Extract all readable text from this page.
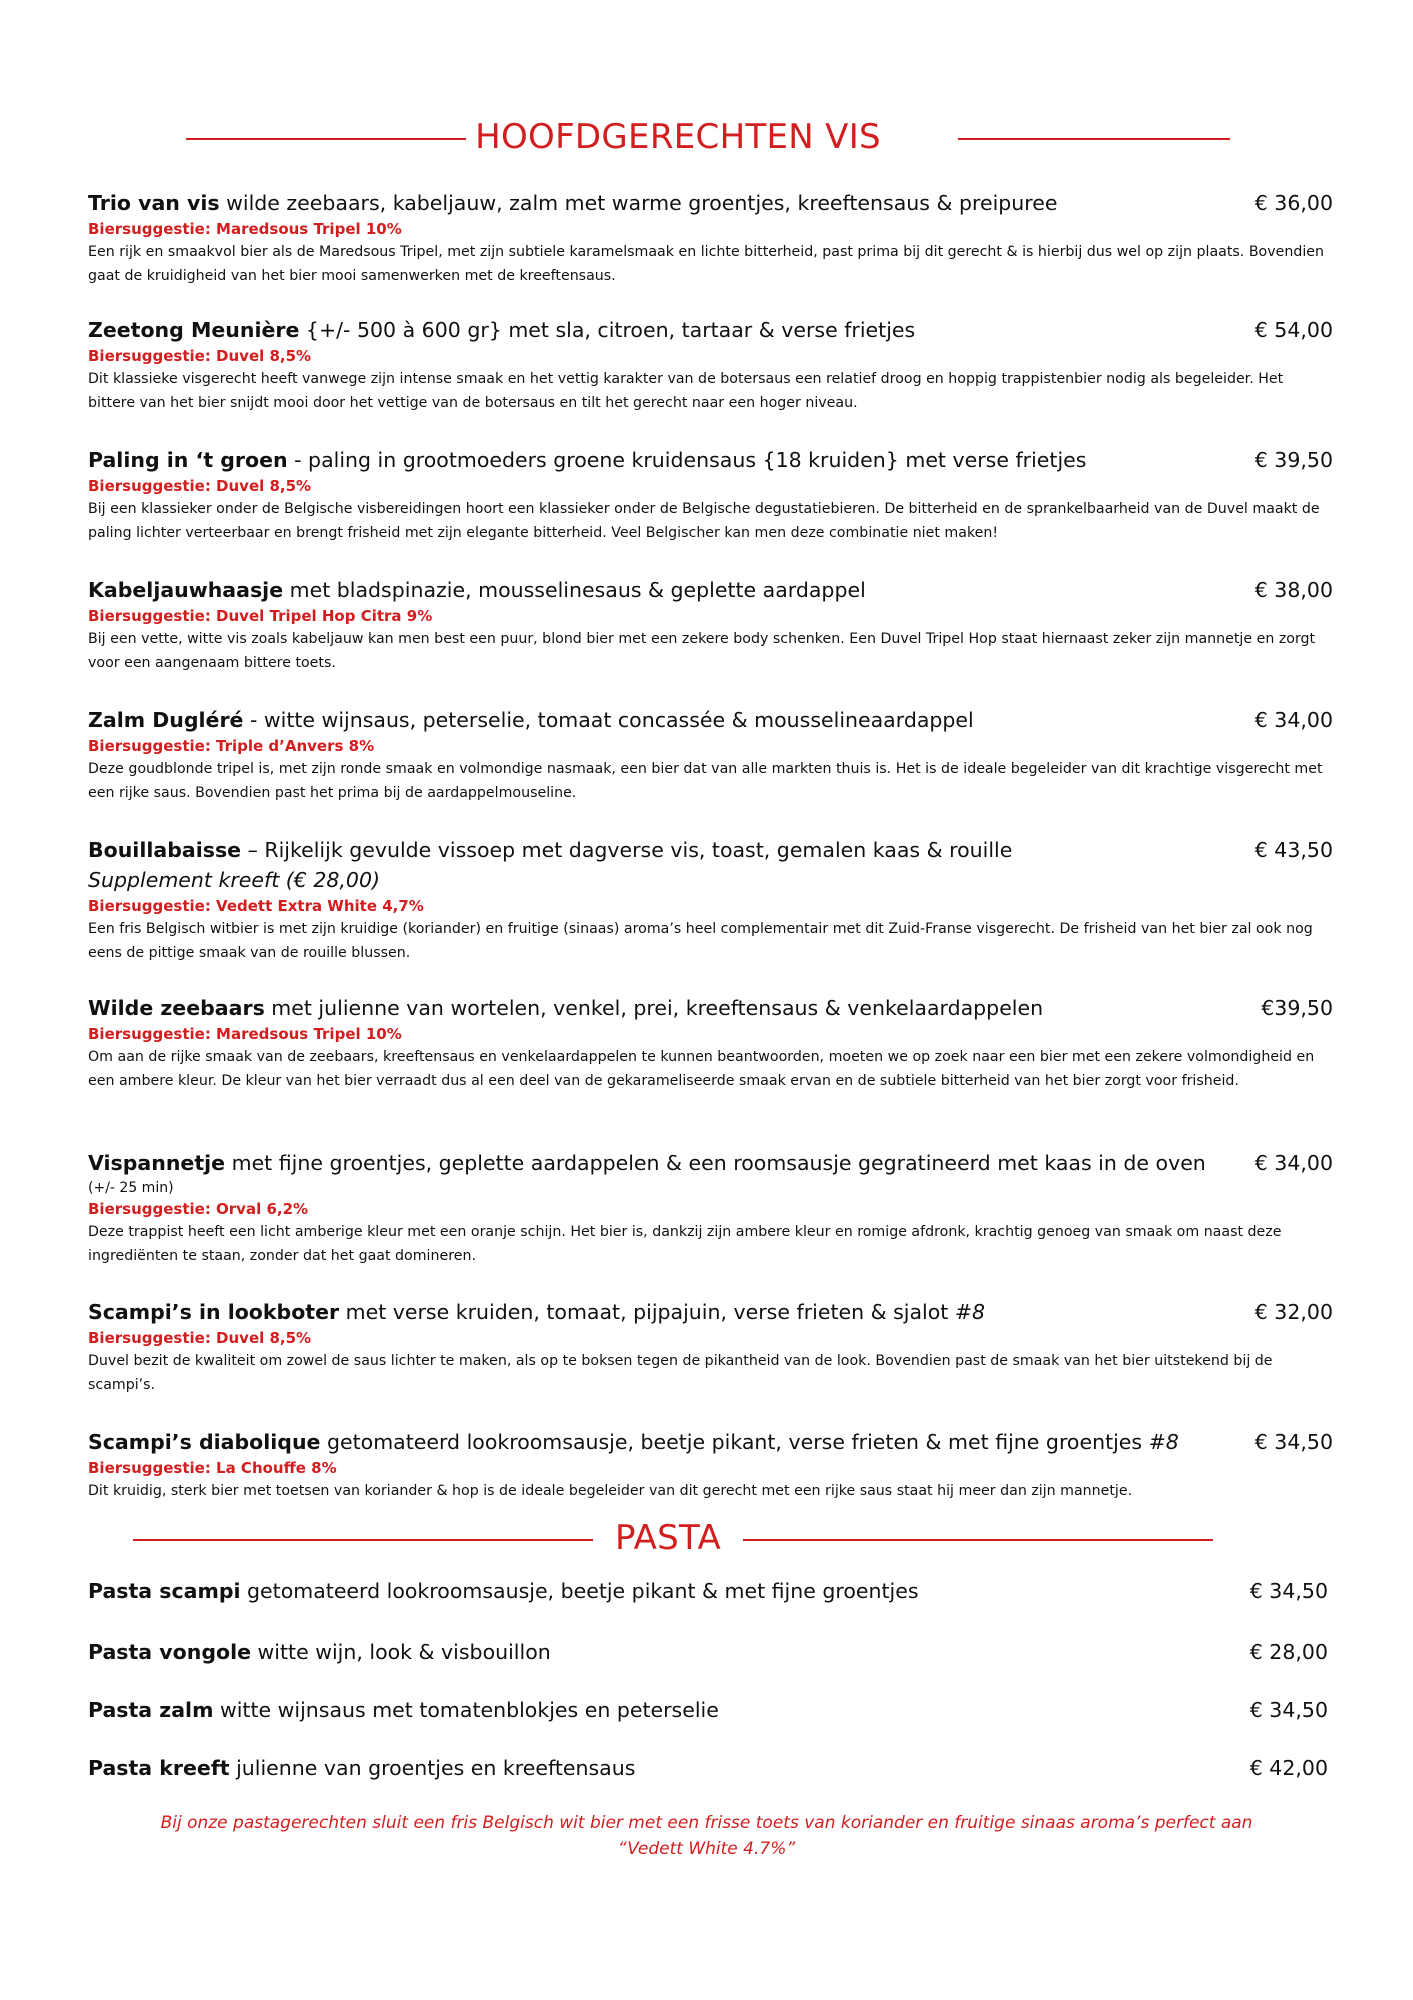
HOOFDGERECHTEN VIS
Trio van vis wilde zeebaars, kabeljauw, zalm met warme groentjes, kreeftensaus & preipuree	€ 36,00
Biersuggestie: Maredsous Tripel 10%
Een rijk en smaakvol bier als de Maredsous Tripel, met zijn subtiele karamelsmaak en lichte bitterheid, past prima bij dit gerecht & is hierbij dus wel op zijn plaats. Bovendien gaat de kruidigheid van het bier mooi samenwerken met de kreeftensaus.
Zeetong Meunière {+/- 500 à 600 gr} met sla, citroen, tartaar & verse frietjes	€ 54,00
Biersuggestie: Duvel 8,5%
Dit klassieke visgerecht heeft vanwege zijn intense smaak en het vettig karakter van de botersaus een relatief droog en hoppig trappistenbier nodig als begeleider. Het bittere van het bier snijdt mooi door het vettige van de botersaus en tilt het gerecht naar een hoger niveau.
Paling in ‘t groen - paling in grootmoeders groene kruidensaus {18 kruiden} met verse frietjes	€ 39,50
Biersuggestie: Duvel 8,5%
Bij een klassieker onder de Belgische visbereidingen hoort een klassieker onder de Belgische degustatiebieren. De bitterheid en de sprankelbaarheid van de Duvel maakt de paling lichter verteerbaar en brengt frisheid met zijn elegante bitterheid. Veel Belgischer kan men deze combinatie niet maken!
Kabeljauwhaasje met bladspinazie, mousselinesaus & geplette aardappel	€ 38,00
Biersuggestie: Duvel Tripel Hop Citra 9%
Bij een vette, witte vis zoals kabeljauw kan men best een puur, blond bier met een zekere body schenken. Een Duvel Tripel Hop staat hiernaast zeker zijn mannetje en zorgt voor een aangenaam bittere toets.
Zalm Dugléré - witte wijnsaus, peterselie, tomaat concassée & mousselineaardappel	€ 34,00
Biersuggestie: Triple d’Anvers 8%
Deze goudblonde tripel is, met zijn ronde smaak en volmondige nasmaak, een bier dat van alle markten thuis is. Het is de ideale begeleider van dit krachtige visgerecht met een rijke saus. Bovendien past het prima bij de aardappelmouseline.
Bouillabaisse – Rijkelijk gevulde vissoep met dagverse vis, toast, gemalen kaas & rouille	€ 43,50
Supplement kreeft (€ 28,00)
Biersuggestie: Vedett Extra White 4,7%
Een fris Belgisch witbier is met zijn kruidige (koriander) en fruitige (sinaas) aroma’s heel complementair met dit Zuid-Franse visgerecht. De frisheid van het bier zal ook nog eens de pittige smaak van de rouille blussen.
Wilde zeebaars met julienne van wortelen, venkel, prei, kreeftensaus & venkelaardappelen	€39,50
Biersuggestie: Maredsous Tripel 10%
Om aan de rijke smaak van de zeebaars, kreeftensaus en venkelaardappelen te kunnen beantwoorden, moeten we op zoek naar een bier met een zekere volmondigheid en een ambere kleur. De kleur van het bier verraadt dus al een deel van de gekarameliseerde smaak ervan en de subtiele bitterheid van het bier zorgt voor frisheid.
Vispannetje met fijne groentjes, geplette aardappelen & een roomsausje gegratineerd met kaas in de oven € 34,00
(+/- 25 min)
Biersuggestie: Orval 6,2%
Deze trappist heeft een licht amberige kleur met een oranje schijn. Het bier is, dankzij zijn ambere kleur en romige afdronk, krachtig genoeg van smaak om naast deze ingrediënten te staan, zonder dat het gaat domineren.
Scampi’s in lookboter met verse kruiden, tomaat, pijpajuin, verse frieten & sjalot #8	€ 32,00
Biersuggestie: Duvel 8,5%
Duvel bezit de kwaliteit om zowel de saus lichter te maken, als op te boksen tegen de pikantheid van de look. Bovendien past de smaak van het bier uitstekend bij de scampi’s.
Scampi’s diabolique getomateerd lookroomsausje, beetje pikant, verse frieten & met fijne groentjes #8	€ 34,50
Biersuggestie: La Chouffe 8%
Dit kruidig, sterk bier met toetsen van koriander & hop is de ideale begeleider van dit gerecht met een rijke saus staat hij meer dan zijn mannetje.
PASTA
Pasta scampi getomateerd lookroomsausje, beetje pikant & met fijne groentjes	€ 34,50
Pasta vongole witte wijn, look & visbouillon	€ 28,00
Pasta zalm witte wijnsaus met tomatenblokjes en peterselie	€ 34,50
Pasta kreeft julienne van groentjes en kreeftensaus	€ 42,00
Bij onze pastagerechten sluit een fris Belgisch wit bier met een frisse toets van koriander en fruitige sinaas aroma’s perfect aan
“Vedett White 4.7%”
